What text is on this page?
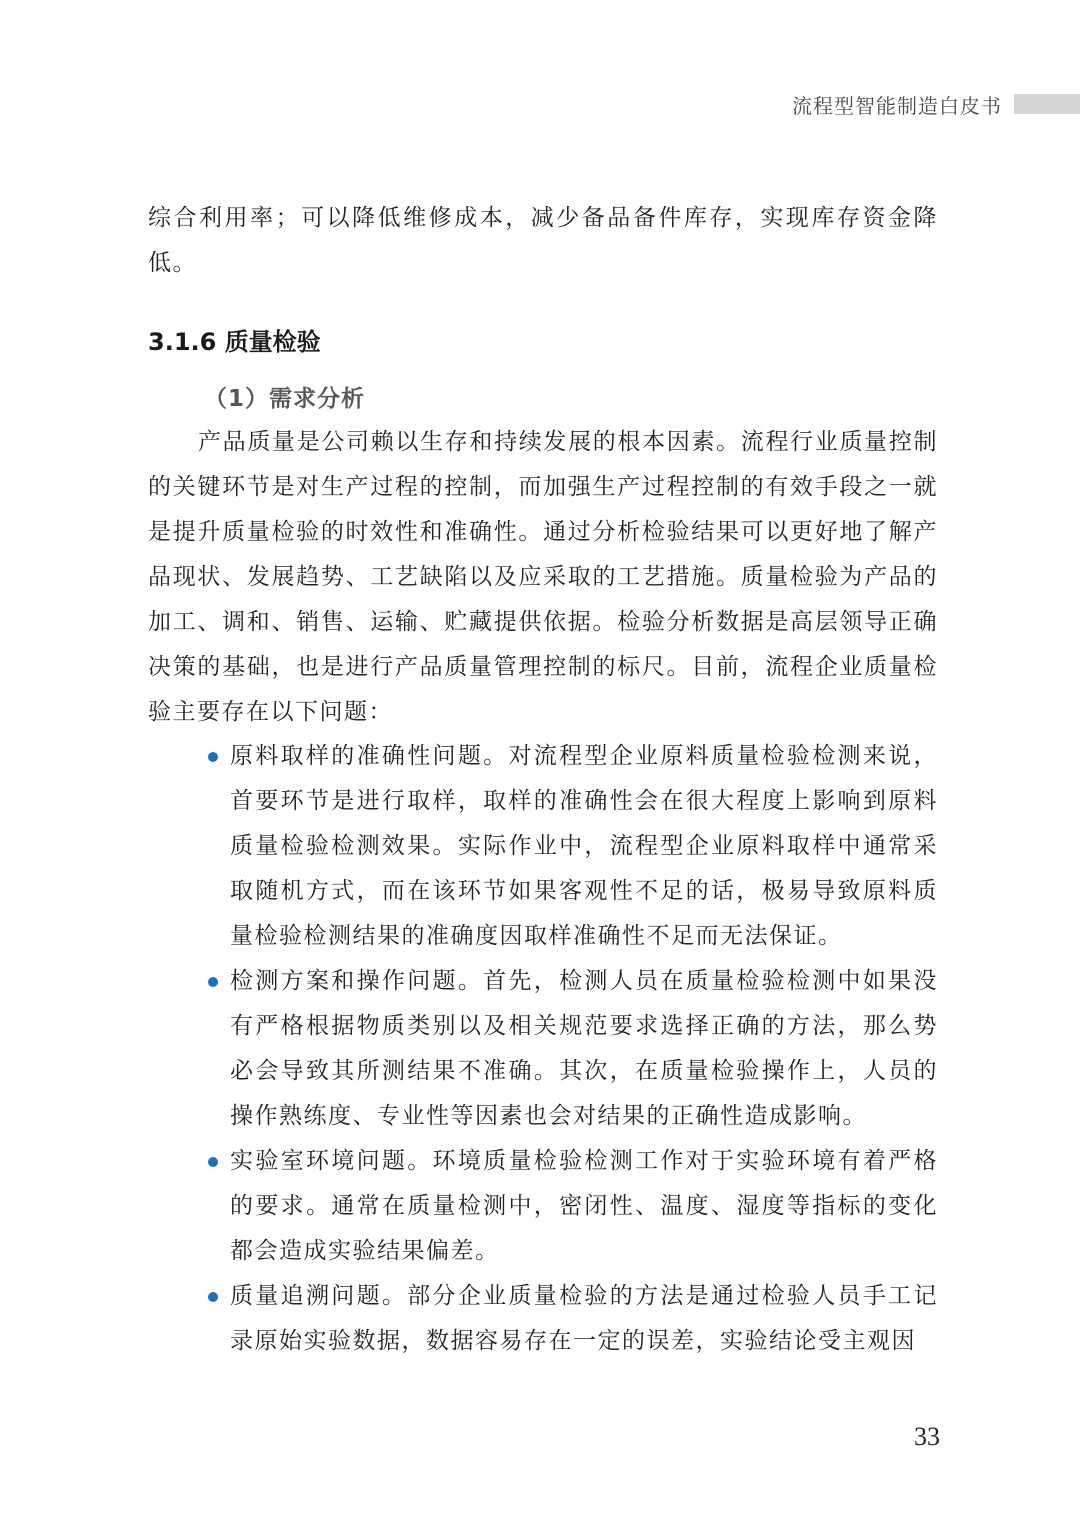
流程型智能制造白皮书

综合利用率；可以降低维修成本，减少备品备件库存，实现库存资金降低。

3.1.6 质量检验
（1）需求分析

产品质量是公司赖以生存和持续发展的根本因素。流程行业质量控制的关键环节是对生产过程的控制，而加强生产过程控制的有效手段之一就是提升质量检验的时效性和准确性。通过分析检验结果可以更好地了解产品现状、发展趋势、工艺缺陷以及应采取的工艺措施。质量检验为产品的加工、调和、销售、运输、贮藏提供依据。检验分析数据是高层领导正确决策的基础，也是进行产品质量管理控制的标尺。目前，流程企业质量检验主要存在以下问题：

原料取样的准确性问题。对流程型企业原料质量检验检测来说，首要环节是进行取样，取样的准确性会在很大程度上影响到原料质量检验检测效果。实际作业中，流程型企业原料取样中通常采取随机方式，而在该环节如果客观性不足的话，极易导致原料质量检验检测结果的准确度因取样准确性不足而无法保证。
检测方案和操作问题。首先，检测人员在质量检验检测中如果没有严格根据物质类别以及相关规范要求选择正确的方法，那么势必会导致其所测结果不准确。其次，在质量检验操作上，人员的操作熟练度、专业性等因素也会对结果的正确性造成影响。
实验室环境问题。环境质量检验检测工作对于实验环境有着严格的要求。通常在质量检测中，密闭性、温度、湿度等指标的变化都会造成实验结果偏差。
质量追溯问题。部分企业质量检验的方法是通过检验人员手工记录原始实验数据，数据容易存在一定的误差，实验结论受主观因
33
